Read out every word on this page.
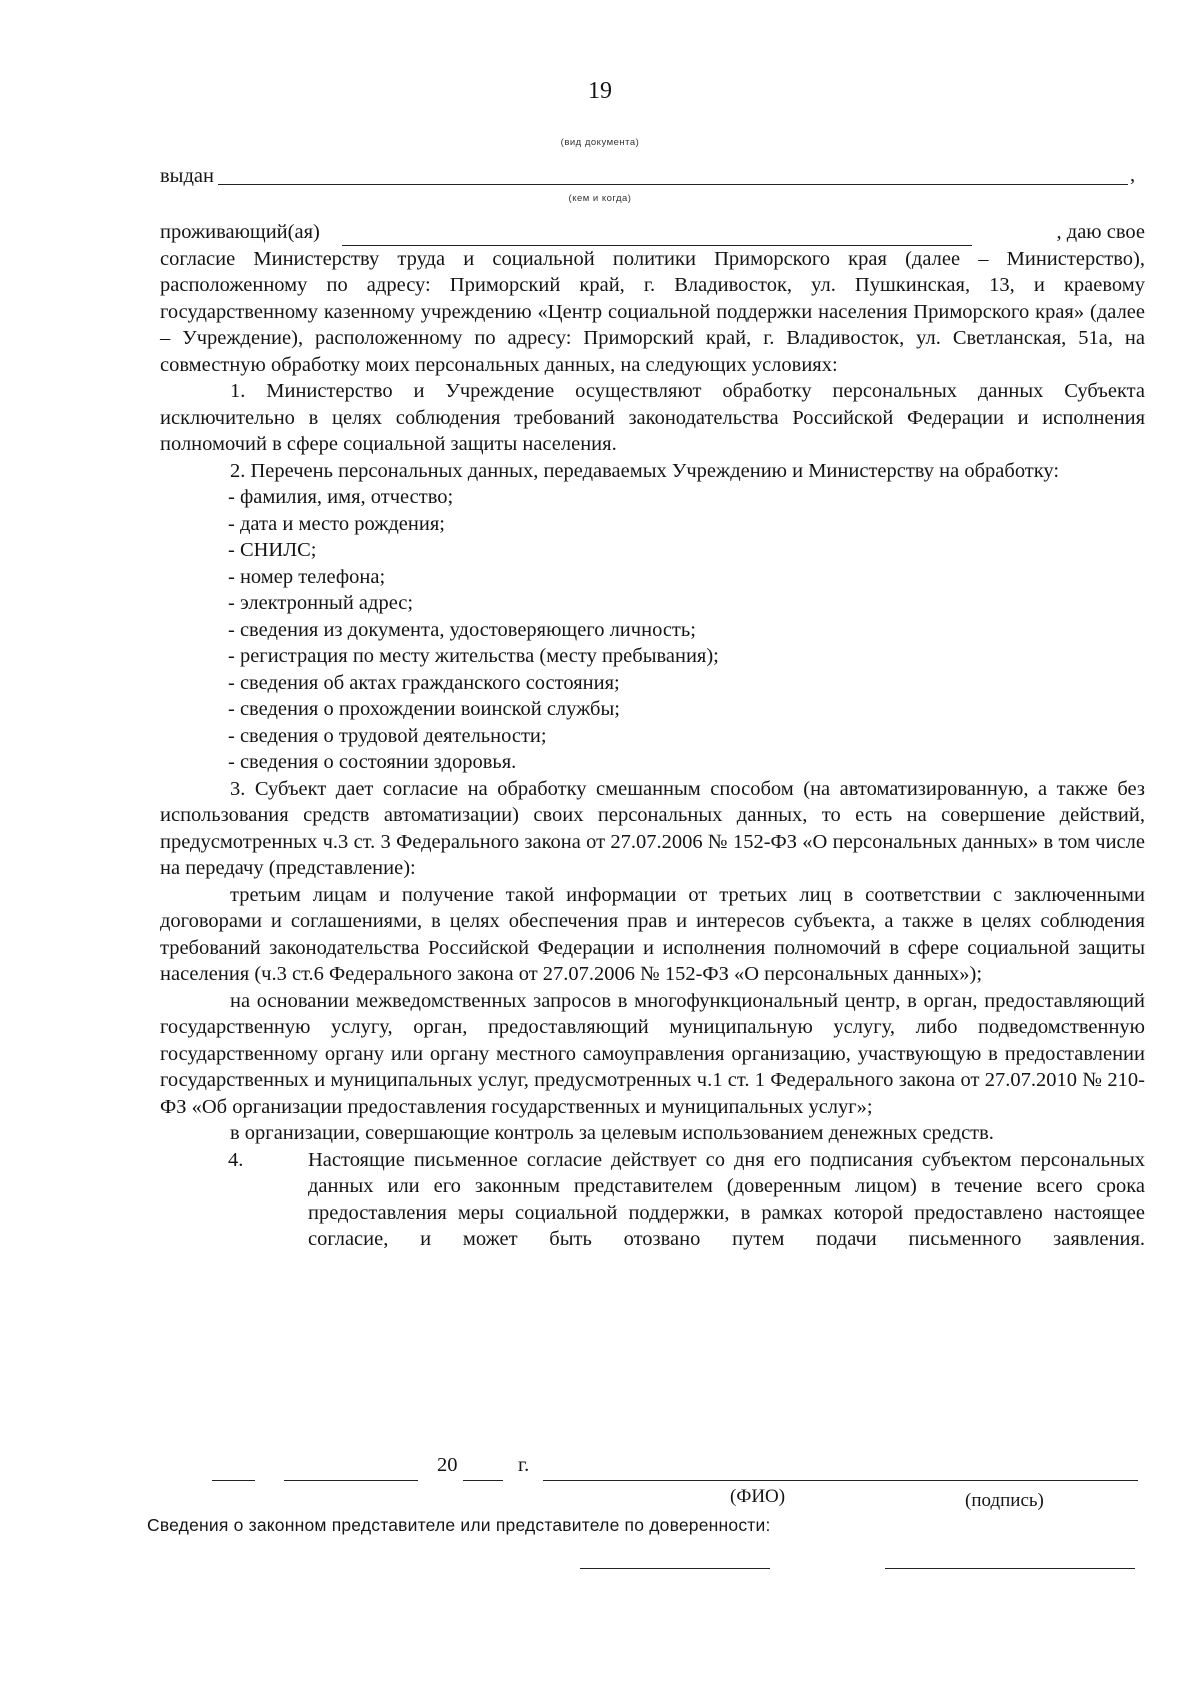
19
(вид документа)
выдан	,
(кем и когда)
проживающий(ая)	, даю свое

согласие Министерству труда и социальной политики Приморского края (далее – Министерство), расположенному по адресу: Приморский край, г. Владивосток, ул. Пушкинская, 13, и краевому государственному казенному учреждению «Центр социальной поддержки населения Приморского края» (далее – Учреждение), расположенному по адресу: Приморский край, г. Владивосток, ул. Светланская, 51а, на совместную обработку моих персональных данных, на следующих условиях:

1. Министерство и Учреждение осуществляют обработку персональных данных Субъекта исключительно в целях соблюдения требований законодательства Российской Федерации и исполнения полномочий в сфере социальной защиты населения.

2. Перечень персональных данных, передаваемых Учреждению и Министерству на обработку:

- фамилия, имя, отчество;

- дата и место рождения;

- СНИЛС;

- номер телефона;

- электронный адрес;

- сведения из документа, удостоверяющего личность;

- регистрация по месту жительства (месту пребывания);

- сведения об актах гражданского состояния;

- сведения о прохождении воинской службы;

- сведения о трудовой деятельности;

- сведения о состоянии здоровья.

3. Субъект дает согласие на обработку смешанным способом (на автоматизированную, а также без использования средств автоматизации) своих персональных данных, то есть на совершение действий, предусмотренных ч.3 ст. 3 Федерального закона от 27.07.2006 № 152-ФЗ «О персональных данных» в том числе на передачу (представление):

третьим лицам и получение такой информации от третьих лиц в соответствии с заключенными договорами и соглашениями, в целях обеспечения прав и интересов субъекта, а также в целях соблюдения требований законодательства Российской Федерации и исполнения полномочий в сфере социальной защиты населения (ч.3 ст.6 Федерального закона от 27.07.2006 № 152-ФЗ «О персональных данных»);

на основании межведомственных запросов в многофункциональный центр, в орган, предоставляющий государственную услугу, орган, предоставляющий муниципальную услугу, либо подведомственную государственному органу или органу местного самоуправления организацию, участвующую в предоставлении государственных и муниципальных услуг, предусмотренных ч.1 ст. 1 Федерального закона от 27.07.2010 № 210-ФЗ «Об организации предоставления государственных и муниципальных услуг»;

в организации, совершающие контроль за целевым использованием денежных средств.

4.	Настоящие письменное согласие действует со дня его подписания субъектом персональных данных или его законным представителем (доверенным лицом) в течение всего срока предоставления меры социальной поддержки, в рамках которой предоставлено настоящее согласие, и может быть отозвано путем подачи письменного заявления.
20	г.
(ФИО)	(подпись)
Сведения о законном представителе или представителе по доверенности:
